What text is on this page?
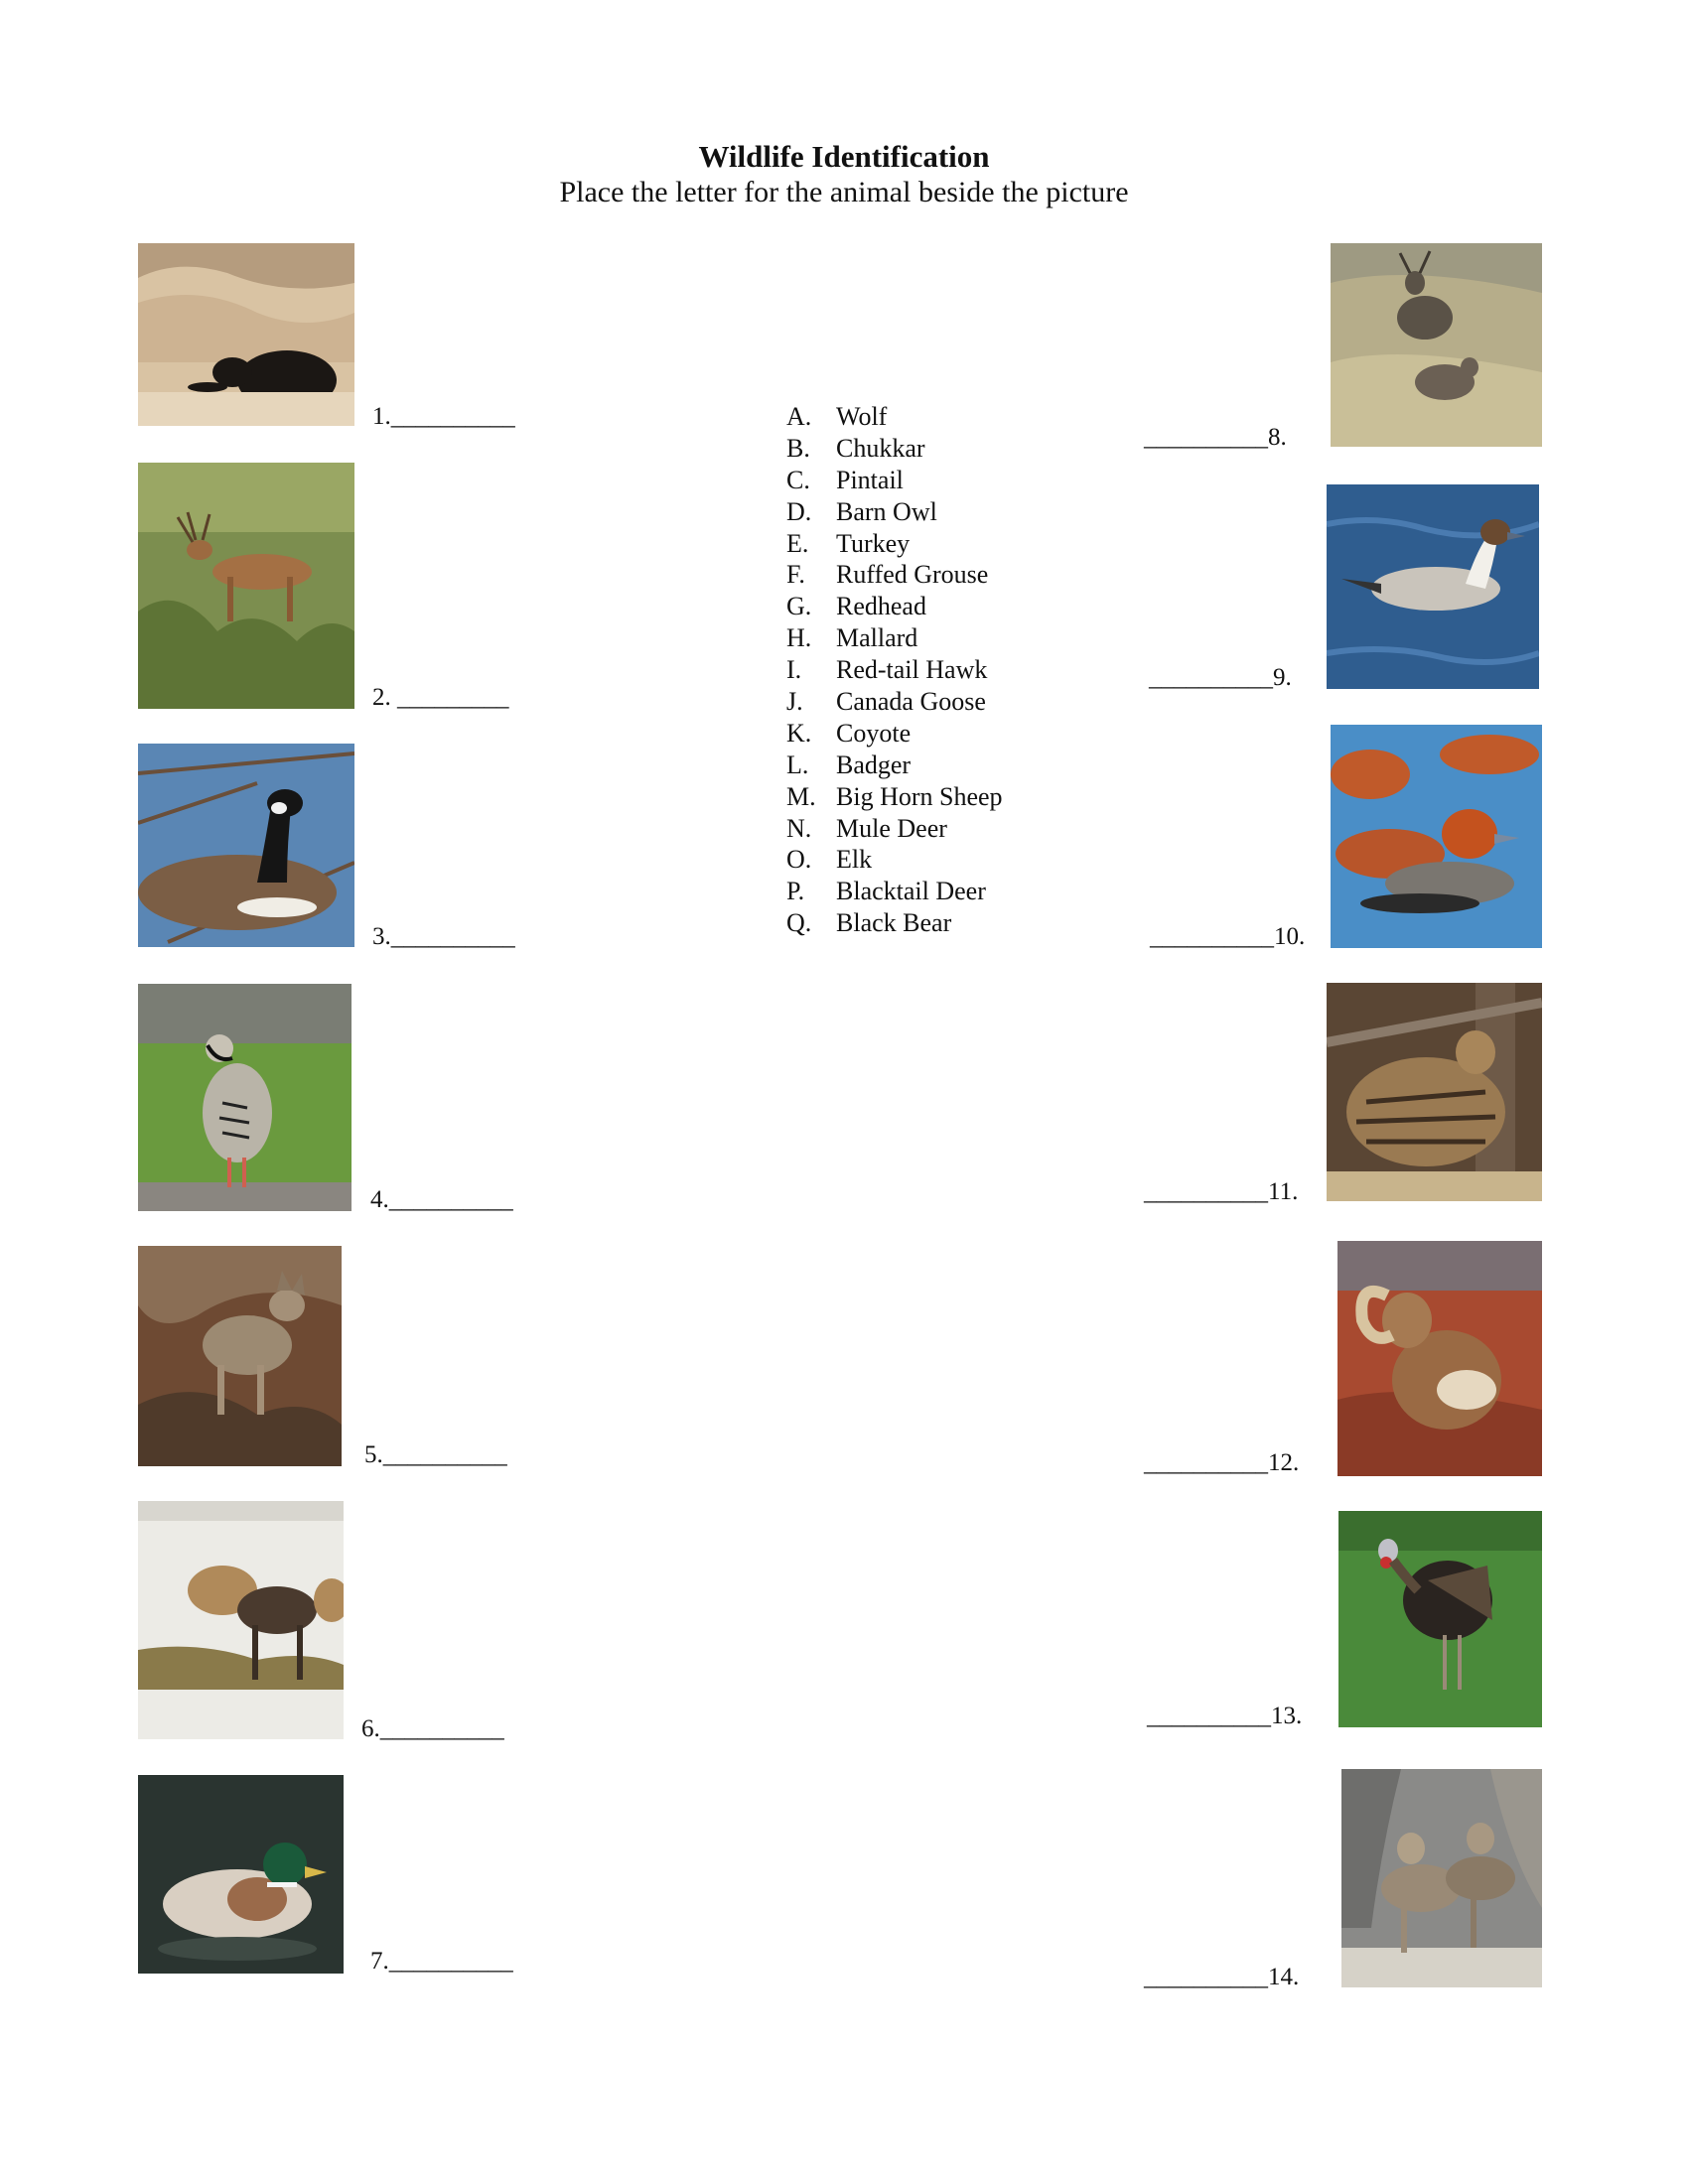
Wildlife Identification
Place the letter for the animal beside the picture
A. Wolf
B.	Chukkar
C.	Pintail
D. Barn Owl
E.	Turkey
F.	Ruffed Grouse
G. Redhead
H. Mallard
I.	Red-tail Hawk
J.	Canada Goose
K. Coyote
L.	Badger
M. Big Horn Sheep
N. Mule Deer
O. Elk
P.	Blacktail Deer
Q. Black Bear
1.__________
2. _________
3.__________
4.__________
5.__________
6.__________
7.__________
__________8.
__________9.
__________10.
__________11.
__________12.
__________13.
__________14.
